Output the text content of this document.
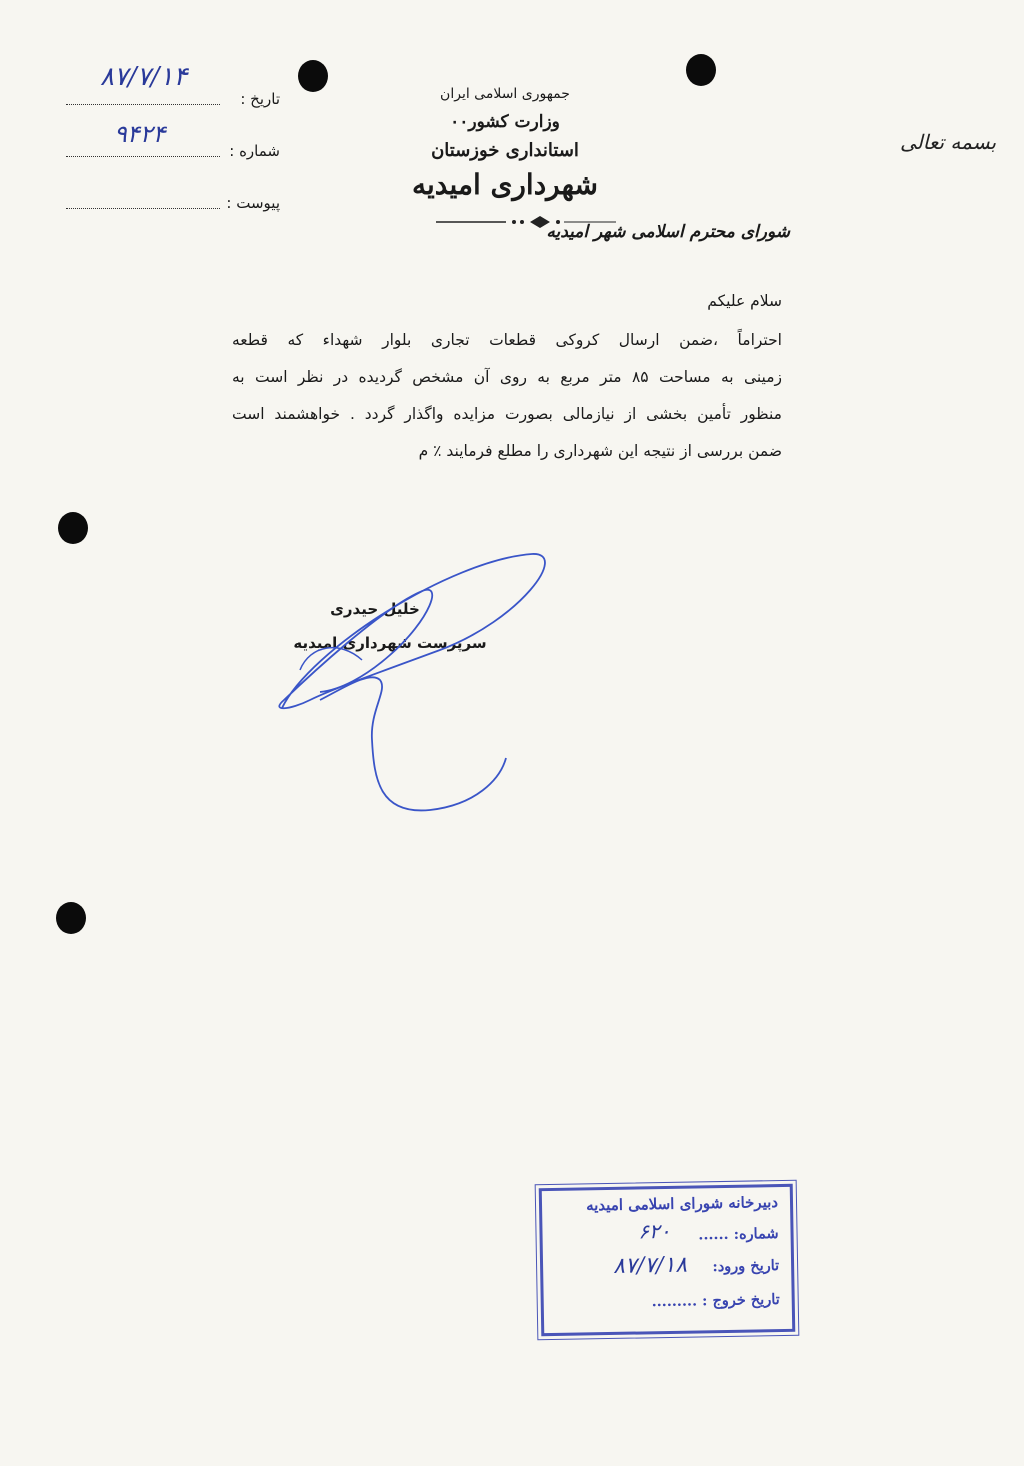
جمهوری اسلامی ایران
وزارت کشور۰۰
استانداری خوزستان
شهرداری امیدیه
بسمه تعالی
تاریخ :
۸۷/۷/۱۴
شماره :
۹۴۲۴
پیوست :
شورای محترم اسلامی شهر امیدیه
سلام علیکم
احتراماً ،ضمن ارسال کروکی قطعات تجاری بلوار شهداء که قطعه
زمینی به مساحت ۸۵ متر مربع به روی آن مشخص گردیده در نظر است به
منظور تأمین بخشی از نیازمالی بصورت مزایده واگذار گردد . خواهشمند است
ضمن بررسی از نتیجه این شهرداری را مطلع فرمایند ٪ م
خلیل حیدری
سرپرست شهرداری امیدیه
دبیرخانه شورای اسلامی امیدیه
شماره: ......
۶۲۰
تاریخ ورود:
۸۷/۷/۱۸
تاریخ خروج : .........
